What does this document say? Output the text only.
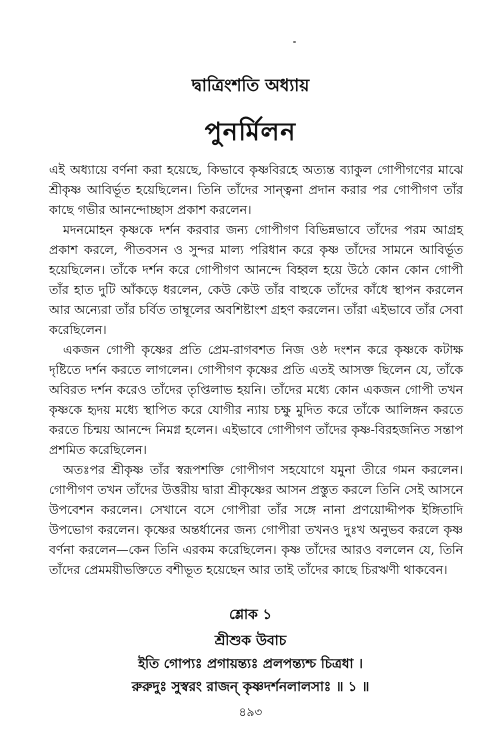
দ্বাত্রিংশতি অধ্যায়
পুনর্মিলন

এই অধ্যায়ে বর্ণনা করা হয়েছে, কিভাবে কৃষ্ণবিরহে অত্যন্ত ব্যাকুল গোপীগণের মাঝে শ্রীকৃষ্ণ আবির্ভূত হয়েছিলেন। তিনি তাঁদের সান্ত্বনা প্রদান করার পর গোপীগণ তাঁর কাছে গভীর আনন্দোচ্ছাস প্রকাশ করলেন।

মদনমোহন কৃষ্ণকে দর্শন করবার জন্য গোপীগণ বিভিন্নভাবে তাঁদের পরম আগ্রহ প্রকাশ করলে, পীতবসন ও সুন্দর মাল্য পরিধান করে কৃষ্ণ তাঁদের সামনে আবির্ভূত হয়েছিলেন। তাঁকে দর্শন করে গোপীগণ আনন্দে বিহ্বল হয়ে উঠে কোন কোন গোপী তাঁর হাত দুটি আঁকড়ে ধরলেন, কেউ কেউ তাঁর বাহুকে তাঁদের কাঁধে স্থাপন করলেন আর অন্যেরা তাঁর চর্বিত তাম্বূলের অবশিষ্টাংশ গ্রহণ করলেন। তাঁরা এইভাবে তাঁর সেবা করেছিলেন।

একজন গোপী কৃষ্ণের প্রতি প্রেম-রাগবশত নিজ ওষ্ঠ দংশন করে কৃষ্ণকে কটাক্ষ দৃষ্টিতে দর্শন করতে লাগলেন। গোপীগণ কৃষ্ণের প্রতি এতই আসক্ত ছিলেন যে, তাঁকে অবিরত দর্শন করেও তাঁদের তৃপ্তিলাভ হয়নি। তাঁদের মধ্যে কোন একজন গোপী তখন কৃষ্ণকে হৃদয় মধ্যে স্থাপিত করে যোগীর ন্যায় চক্ষু মুদিত করে তাঁকে আলিঙ্গন করতে করতে চিন্ময় আনন্দে নিমগ্ন হলেন। এইভাবে গোপীগণ তাঁদের কৃষ্ণ-বিরহজনিত সন্তাপ প্রশমিত করেছিলেন।

অতঃপর শ্রীকৃষ্ণ তাঁর স্বরূপশক্তি গোপীগণ সহযোগে যমুনা তীরে গমন করলেন। গোপীগণ তখন তাঁদের উত্তরীয় দ্বারা শ্রীকৃষ্ণের আসন প্রস্তুত করলে তিনি সেই আসনে উপবেশন করলেন। সেখানে বসে গোপীরা তাঁর সঙ্গে নানা প্রণয়োদ্দীপক ইঙ্গিতাদি উপভোগ করলেন। কৃষ্ণের অন্তর্ধানের জন্য গোপীরা তখনও দুঃখ অনুভব করলে কৃষ্ণ বর্ণনা করলেন—কেন তিনি এরকম করেছিলেন। কৃষ্ণ তাঁদের আরও বললেন যে, তিনি তাঁদের প্রেমময়ীভক্তিতে বশীভূত হয়েছেন আর তাই তাঁদের কাছে চিরঋণী থাকবেন।

শ্লোক ১
শ্রীশুক উবাচ
ইতি গোপ্যঃ প্রগায়ন্ত্যঃ প্রলপন্ত্যশ্চ চিত্রধা ।
রুরুদুঃ সুস্বরং রাজন্ কৃষ্ণদর্শনলালসাঃ ॥ ১ ॥
৪৯৩
